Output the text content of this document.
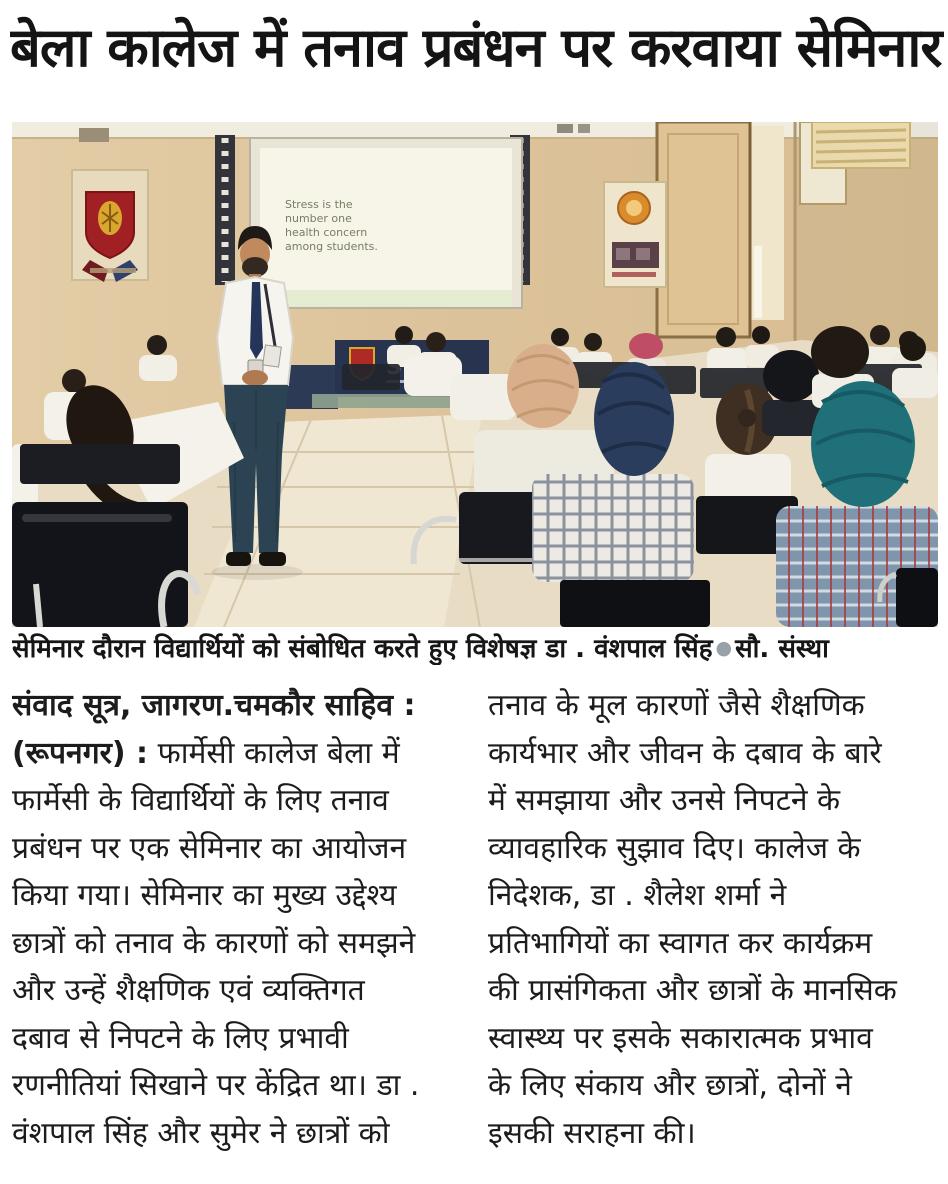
बेला कालेज में तनाव प्रबंधन पर करवाया सेमिनार
Stress is the
number one
health concern
among students.

सेमिनार दौरान विद्यार्थियों को संबोधित करते हुए विशेषज्ञ डा . वंशपाल सिंह ● सौ. संस्था

संवाद सूत्र, जागरण.चमकौर साहिव :
(रूपनगर) : फार्मेसी कालेज बेला में
फार्मेसी के विद्यार्थियों के लिए तनाव
प्रबंधन पर एक सेमिनार का आयोजन
किया गया। सेमिनार का मुख्य उद्देश्य
छात्रों को तनाव के कारणों को समझने
और उन्हें शैक्षणिक एवं व्यक्तिगत
दबाव से निपटने के लिए प्रभावी
रणनीतियां सिखाने पर केंद्रित था। डा .
वंशपाल सिंह और सुमेर ने छात्रों को
तनाव के मूल कारणों जैसे शैक्षणिक
कार्यभार और जीवन के दबाव के बारे
में समझाया और उनसे निपटने के
व्यावहारिक सुझाव दिए। कालेज के
निदेशक, डा . शैलेश शर्मा ने
प्रतिभागियों का स्वागत कर कार्यक्रम
की प्रासंगिकता और छात्रों के मानसिक
स्वास्थ्य पर इसके सकारात्मक प्रभाव
के लिए संकाय और छात्रों, दोनों ने
इसकी सराहना की।
